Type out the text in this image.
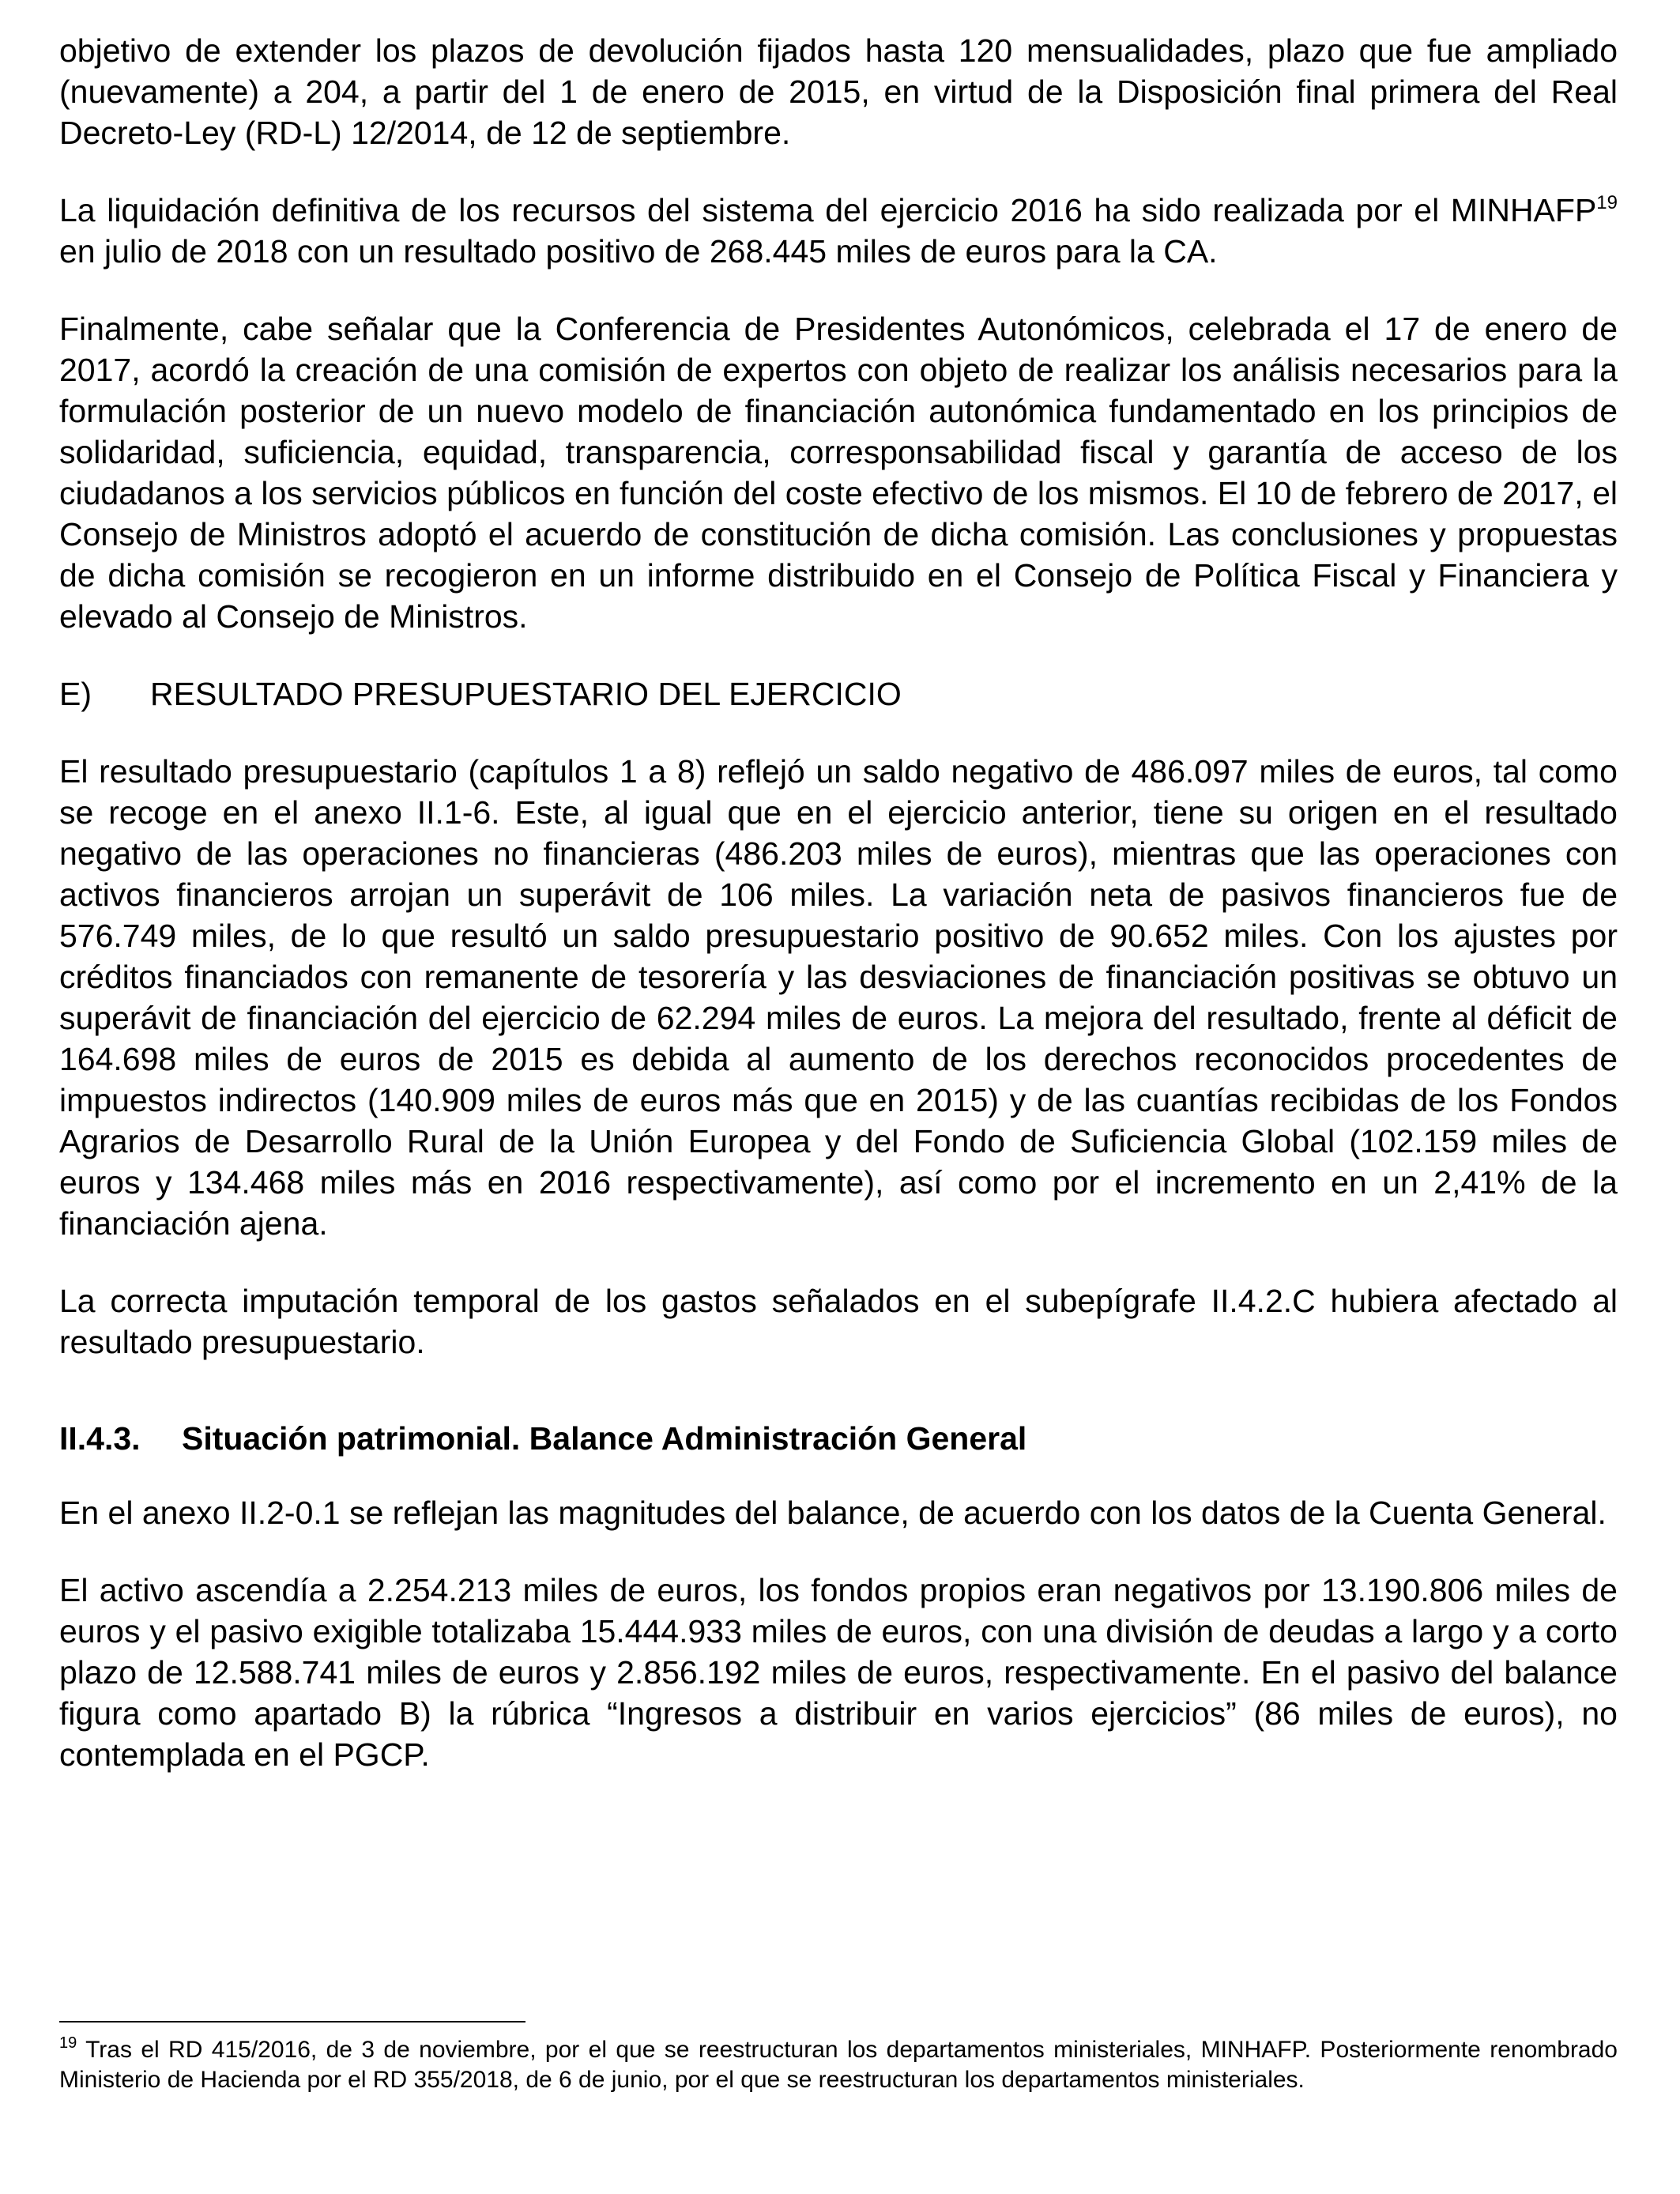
objetivo de extender los plazos de devolución fijados hasta 120 mensualidades, plazo que fue ampliado (nuevamente) a 204, a partir del 1 de enero de 2015, en virtud de la Disposición final primera del Real Decreto-Ley (RD-L) 12/2014, de 12 de septiembre.

La liquidación definitiva de los recursos del sistema del ejercicio 2016 ha sido realizada por el MINHAFP$^{19}$ en julio de 2018 con un resultado positivo de 268.445 miles de euros para la CA.

Finalmente, cabe señalar que la Conferencia de Presidentes Autonómicos, celebrada el 17 de enero de 2017, acordó la creación de una comisión de expertos con objeto de realizar los análisis necesarios para la formulación posterior de un nuevo modelo de financiación autonómica fundamentado en los principios de solidaridad, suficiencia, equidad, transparencia, corresponsabilidad fiscal y garantía de acceso de los ciudadanos a los servicios públicos en función del coste efectivo de los mismos. El 10 de febrero de 2017, el Consejo de Ministros adoptó el acuerdo de constitución de dicha comisión. Las conclusiones y propuestas de dicha comisión se recogieron en un informe distribuido en el Consejo de Política Fiscal y Financiera y elevado al Consejo de Ministros.

E)	RESULTADO PRESUPUESTARIO DEL EJERCICIO

El resultado presupuestario (capítulos 1 a 8) reflejó un saldo negativo de 486.097 miles de euros, tal como se recoge en el anexo II.1-6. Este, al igual que en el ejercicio anterior, tiene su origen en el resultado negativo de las operaciones no financieras (486.203 miles de euros), mientras que las operaciones con activos financieros arrojan un superávit de 106 miles. La variación neta de pasivos financieros fue de 576.749 miles, de lo que resultó un saldo presupuestario positivo de 90.652 miles. Con los ajustes por créditos financiados con remanente de tesorería y las desviaciones de financiación positivas se obtuvo un superávit de financiación del ejercicio de 62.294 miles de euros. La mejora del resultado, frente al déficit de 164.698 miles de euros de 2015 es debida al aumento de los derechos reconocidos procedentes de impuestos indirectos (140.909 miles de euros más que en 2015) y de las cuantías recibidas de los Fondos Agrarios de Desarrollo Rural de la Unión Europea y del Fondo de Suficiencia Global (102.159 miles de euros y 134.468 miles más en 2016 respectivamente), así como por el incremento en un 2,41% de la financiación ajena.

La correcta imputación temporal de los gastos señalados en el subepígrafe II.4.2.C hubiera afectado al resultado presupuestario.

II.4.3.	Situación patrimonial. Balance Administración General

En el anexo II.2-0.1 se reflejan las magnitudes del balance, de acuerdo con los datos de la Cuenta General.

El activo ascendía a 2.254.213 miles de euros, los fondos propios eran negativos por 13.190.806 miles de euros y el pasivo exigible totalizaba 15.444.933 miles de euros, con una división de deudas a largo y a corto plazo de 12.588.741 miles de euros y 2.856.192 miles de euros, respectivamente. En el pasivo del balance figura como apartado B) la rúbrica “Ingresos a distribuir en varios ejercicios” (86 miles de euros), no contemplada en el PGCP.

$^{19}$ Tras el RD 415/2016, de 3 de noviembre, por el que se reestructuran los departamentos ministeriales, MINHAFP. Posteriormente renombrado Ministerio de Hacienda por el RD 355/2018, de 6 de junio, por el que se reestructuran los departamentos ministeriales.
